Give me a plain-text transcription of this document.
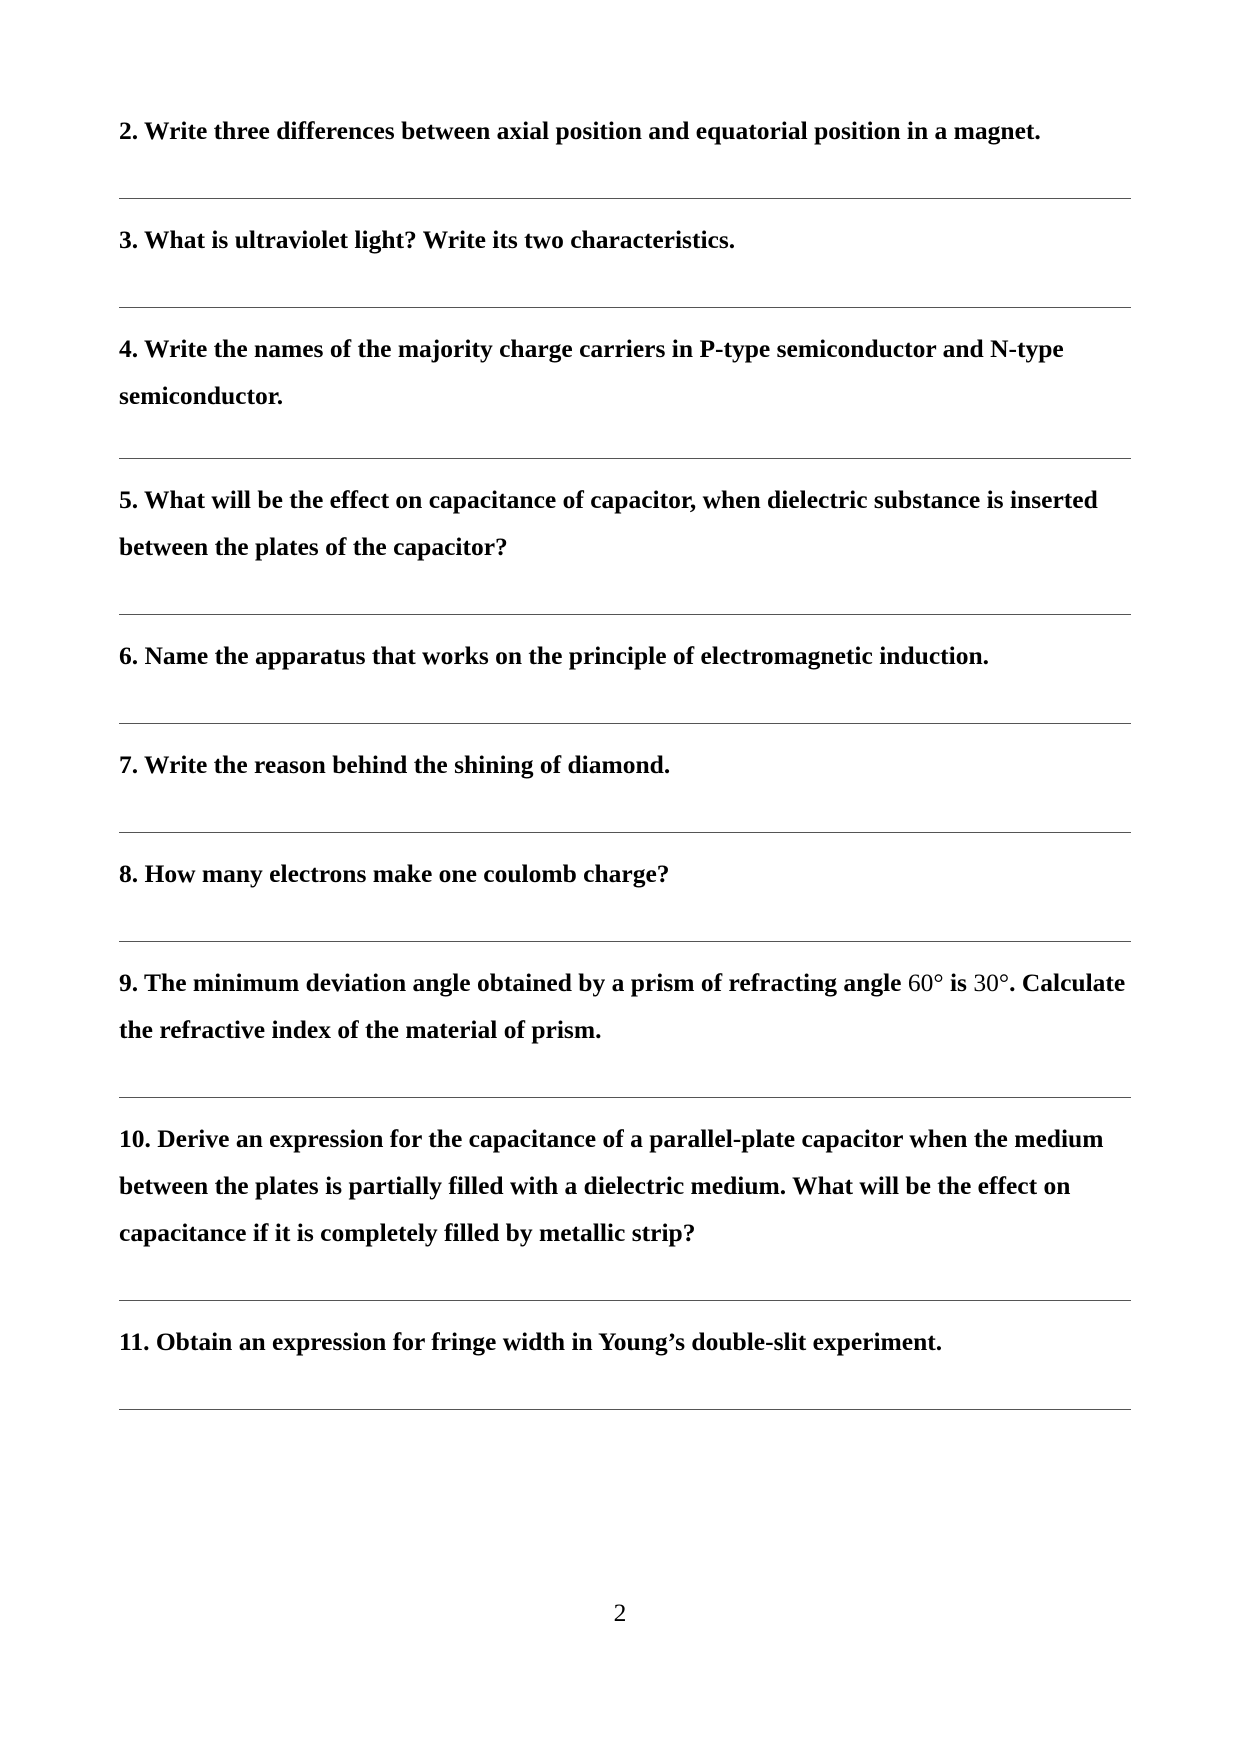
2. Write three differences between axial position and equatorial position in a magnet.

3. What is ultraviolet light? Write its two characteristics.

4. Write the names of the majority charge carriers in P-type semiconductor and N-type semiconductor.

5. What will be the effect on capacitance of capacitor, when dielectric substance is inserted between the plates of the capacitor?

6. Name the apparatus that works on the principle of electromagnetic induction.

7. Write the reason behind the shining of diamond.

8. How many electrons make one coulomb charge?

9. The minimum deviation angle obtained by a prism of refracting angle 60° is 30°. Calculate the refractive index of the material of prism.

10. Derive an expression for the capacitance of a parallel-plate capacitor when the medium between the plates is partially filled with a dielectric medium. What will be the effect on capacitance if it is completely filled by metallic strip?

11. Obtain an expression for fringe width in Young’s double-slit experiment.

2
